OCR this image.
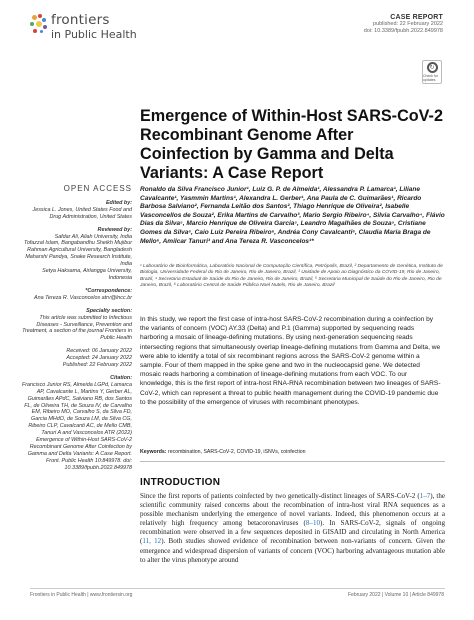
frontiers
in Public Health
CASE REPORT
published: 22 February 2022
doi: 10.3389/fpubh.2022.849978
↻
Check for updates
Emergence of Within-Host SARS-CoV-2 Recombinant Genome After Coinfection by Gamma and Delta Variants: A Case Report
OPEN ACCESS
Edited by:
Jessica L. Jones, United States Food and Drug Administration, United States
Reviewed by:
Safdar Ali, Aliah University, India
Tofazzal Islam, Bangabandhu Sheikh Mujibur Rahman Agricultural University, Bangladesh
Maharshi Pandya, Snake Research Institute, India
Setya Haksama, Airlangga University, Indonesia
*Correspondence:
Ana Tereza R. Vasconcelos atrv@lncc.br
Specialty section:
This article was submitted to Infectious Diseases - Surveillance, Prevention and Treatment, a section of the journal Frontiers in Public Health
Received: 06 January 2022
Accepted: 24 January 2022
Published: 22 February 2022
Citation:
Francisco Junior RS, Almeida LGPd, Lamarca AP, Cavalcante L, Martins Y, Gerber AL, Guimarães APdC, Salviano RB, dos Santos FL, de Oliveira TH, de Souza IV, de Carvalho EM, Ribeiro MO, Carvalho S, da Silva FD, Garcia MHdO, de Souza LM, da Silva CG, Ribeiro CLP, Cavalcanti AC, de Mello CMB, Tanuri A and Vasconcelos ATR (2022) Emergence of Within-Host SARS-CoV-2 Recombinant Genome After Coinfection by Gamma and Delta Variants: A Case Report. Front. Public Health 10:849978. doi: 10.3389/fpubh.2022.849978
Ronaldo da Silva Francisco Junior¹, Luiz G. P. de Almeida¹, Alessandra P. Lamarca¹, Liliane Cavalcante¹, Yasmmin Martins¹, Alexandra L. Gerber¹, Ana Paula de C. Guimarães¹, Ricardo Barbosa Salviano², Fernanda Leitão dos Santos², Thiago Henrique de Oliveira², Isabelle Vasconcellos de Souza², Erika Martins de Carvalho³, Mario Sergio Ribeiro⁴, Silvia Carvalho⁴, Flávio Dias da Silva⁵, Marcio Henrique de Oliveira Garcia⁵, Leandro Magalhães de Souza⁵, Cristiane Gomes da Silva⁶, Caio Luiz Pereira Ribeiro⁶, Andréa Cony Cavalcanti⁶, Claudia Maria Braga de Mello⁶, Amilcar Tanuri³ and Ana Tereza R. Vasconcelos¹*
¹ Laboratório de Bioinformática, Laboratório Nacional de Computação Científica, Petrópolis, Brazil, ² Departamento de Genética, Instituto de Biologia, Universidade Federal do Rio de Janeiro, Rio de Janeiro, Brazil, ³ Unidade de Apoio ao Diagnóstico da COVID-19, Rio de Janeiro, Brazil, ⁴ Secretaria Estadual de Saúde do Rio de Janeiro, Rio de Janeiro, Brazil, ⁵ Secretaria Municipal de Saúde do Rio de Janeiro, Rio de Janeiro, Brazil, ⁶ Laboratório Central de Saúde Pública Noel Nutels, Rio de Janeiro, Brazil

In this study, we report the first case of intra-host SARS-CoV-2 recombination during a coinfection by the variants of concern (VOC) AY.33 (Delta) and P.1 (Gamma) supported by sequencing reads harboring a mosaic of lineage-defining mutations. By using next-generation sequencing reads intersecting regions that simultaneously overlap lineage-defining mutations from Gamma and Delta, we were able to identify a total of six recombinant regions across the SARS-CoV-2 genome within a sample. Four of them mapped in the spike gene and two in the nucleocapsid gene. We detected mosaic reads harboring a combination of lineage-defining mutations from each VOC. To our knowledge, this is the first report of intra-host RNA-RNA recombination between two lineages of SARS-CoV-2, which can represent a threat to public health management during the COVID-19 pandemic due to the possibility of the emergence of viruses with recombinant phenotypes.

Keywords: recombination, SARS-CoV-2, COVID-19, iSNVs, coinfection
INTRODUCTION

Since the first reports of patients coinfected by two genetically-distinct lineages of SARS-CoV-2 (1–7), the scientific community raised concerns about the recombination of intra-host viral RNA sequences as a possible mechanism underlying the emergence of novel variants. Indeed, this phenomenon occurs at a relatively high frequency among betacoronaviruses (8–10). In SARS-CoV-2, signals of ongoing recombination were observed in a few sequences deposited in GISAID and circulating in North America (11, 12). Both studies showed evidence of recombination between non-variants of concern. Given the emergence and widespread dispersion of variants of concern (VOC) harboring advantageous mutation able to alter the virus phenotype around

Frontiers in Public Health | www.frontiersin.org	February 2022 | Volume 10 | Article 849978
